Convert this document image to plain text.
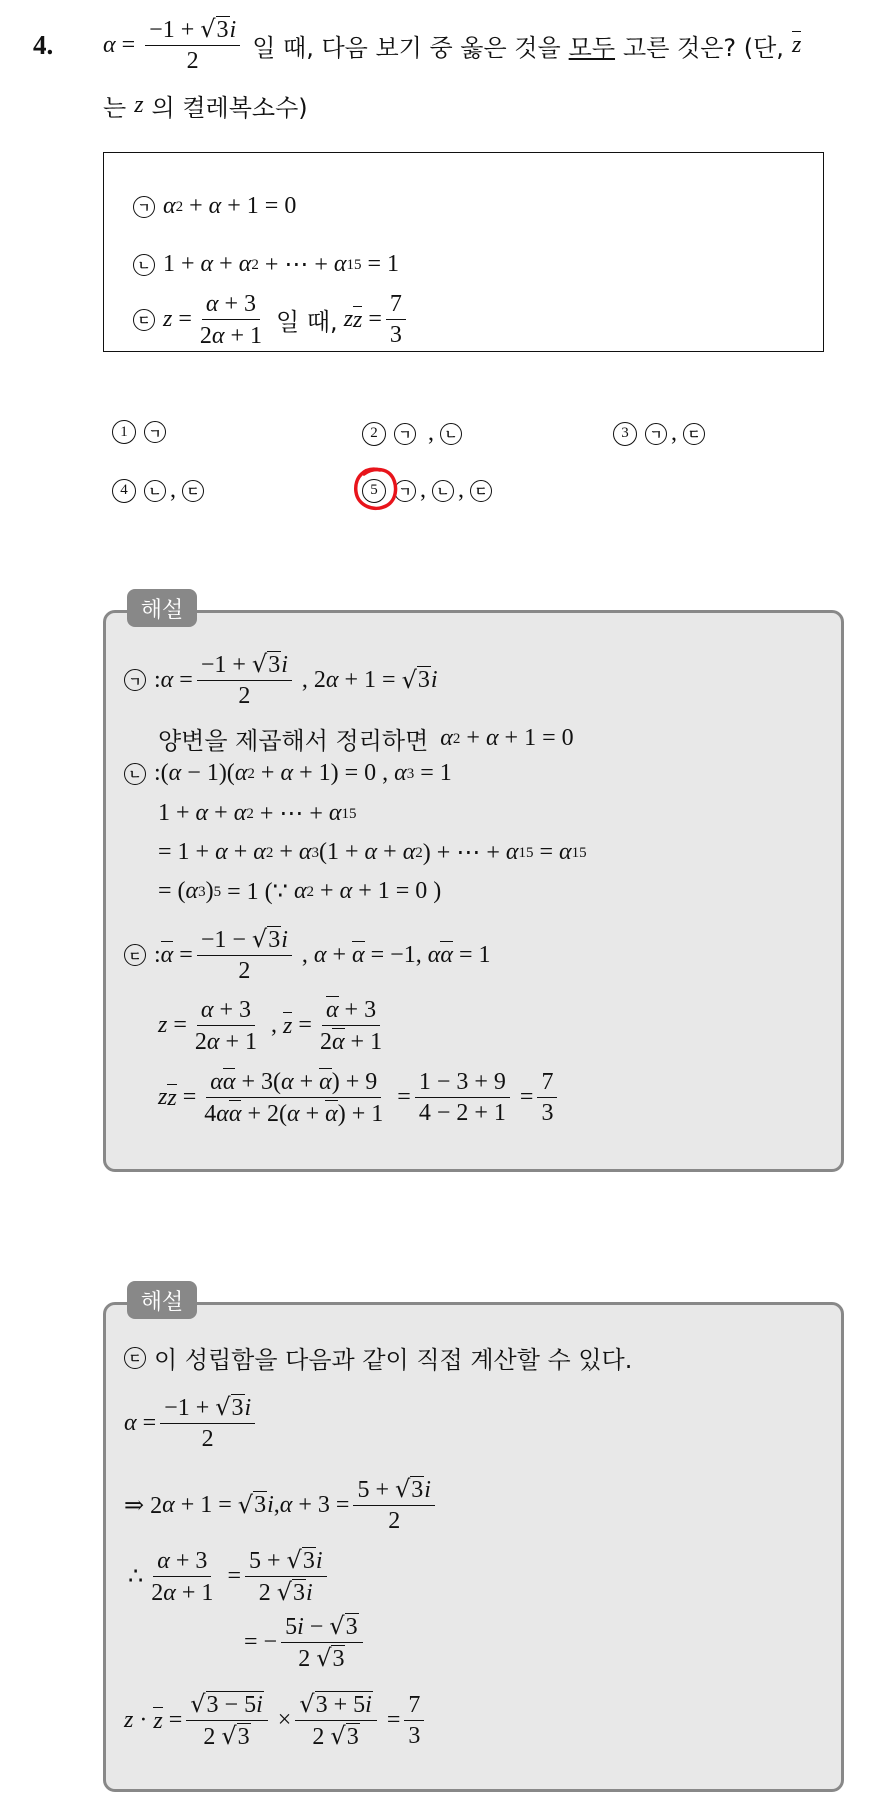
4. $\alpha = \frac{-1 + √ 3 i}{2}$ 일 때, 다음 보기 중 옳은 것을 모두 고른 것은? (단, z
는 z 의 켤레복소수)
ㄱ α 2 + α + 1 = 0
ㄴ 1 + α + α 2 + ⋯ + α 15 = 1
ㄷ $z = \frac{\alpha + 3}{2\alpha + 1}$ 일 때, z $z = \frac{7}{3}$
1	ㄱ	2	ㄱ , ㄴ	3	ㄱ , ㄷ
4	ㄴ , ㄷ	5	ㄱ , ㄴ , ㄷ
해설
ㄱ : $\alpha = \frac{-1 + √ 3 i}{2}$ , 2 α + 1 = √ 3 i
양변을 제곱해서 정리하면
α 2 + α + 1 = 0
ㄴ :( α − 1)( α 2 + α + 1) = 0 , α 3 = 1
1 + α + α 2 + ⋯ + α 15
= 1 + α + α 2 + α 3 (1 + α + α 2 ) + ⋯ + α 15 = α 15
= ( α 3 ) 5 = 1 (∵ α 2 + α + 1 = 0 )
ㄷ : $\alpha = \frac{-1 - √ 3 i}{2}$ , α + α = −1, α α = 1
$z = \frac{\alpha + 3}{2\alpha + 1}$ , $z = \frac{\alpha + 3}{2\alpha + 1}$
z $z = \frac{\alpha\alpha + 3(\alpha + \alpha) + 9}{4\alpha\alpha + 2(\alpha + \alpha) + 1} = \frac{1 - 3 + 9}{4 - 2 + 1} = \frac{7}{3}$
해설
ㄷ 이 성립함을 다음과 같이 직접 계산할 수 있다.
$\alpha = \frac{-1 + √ 3 i}{2}$
⇒ 2 α + 1 = √ 3 i , $\alpha + 3 = \frac{5 + √ 3 i}{2}$
∴ $\frac{\alpha + 3}{2\alpha + 1} = \frac{5 + √ 3 i}{2 √ 3 i}$
= − $\frac{5i - √ 3}{2 √ 3}$
$z \cdot z = \frac{√ 3 - 5i}{2 √ 3} \times \frac{√ 3 + 5i}{2 √ 3} = \frac{7}{3}$
